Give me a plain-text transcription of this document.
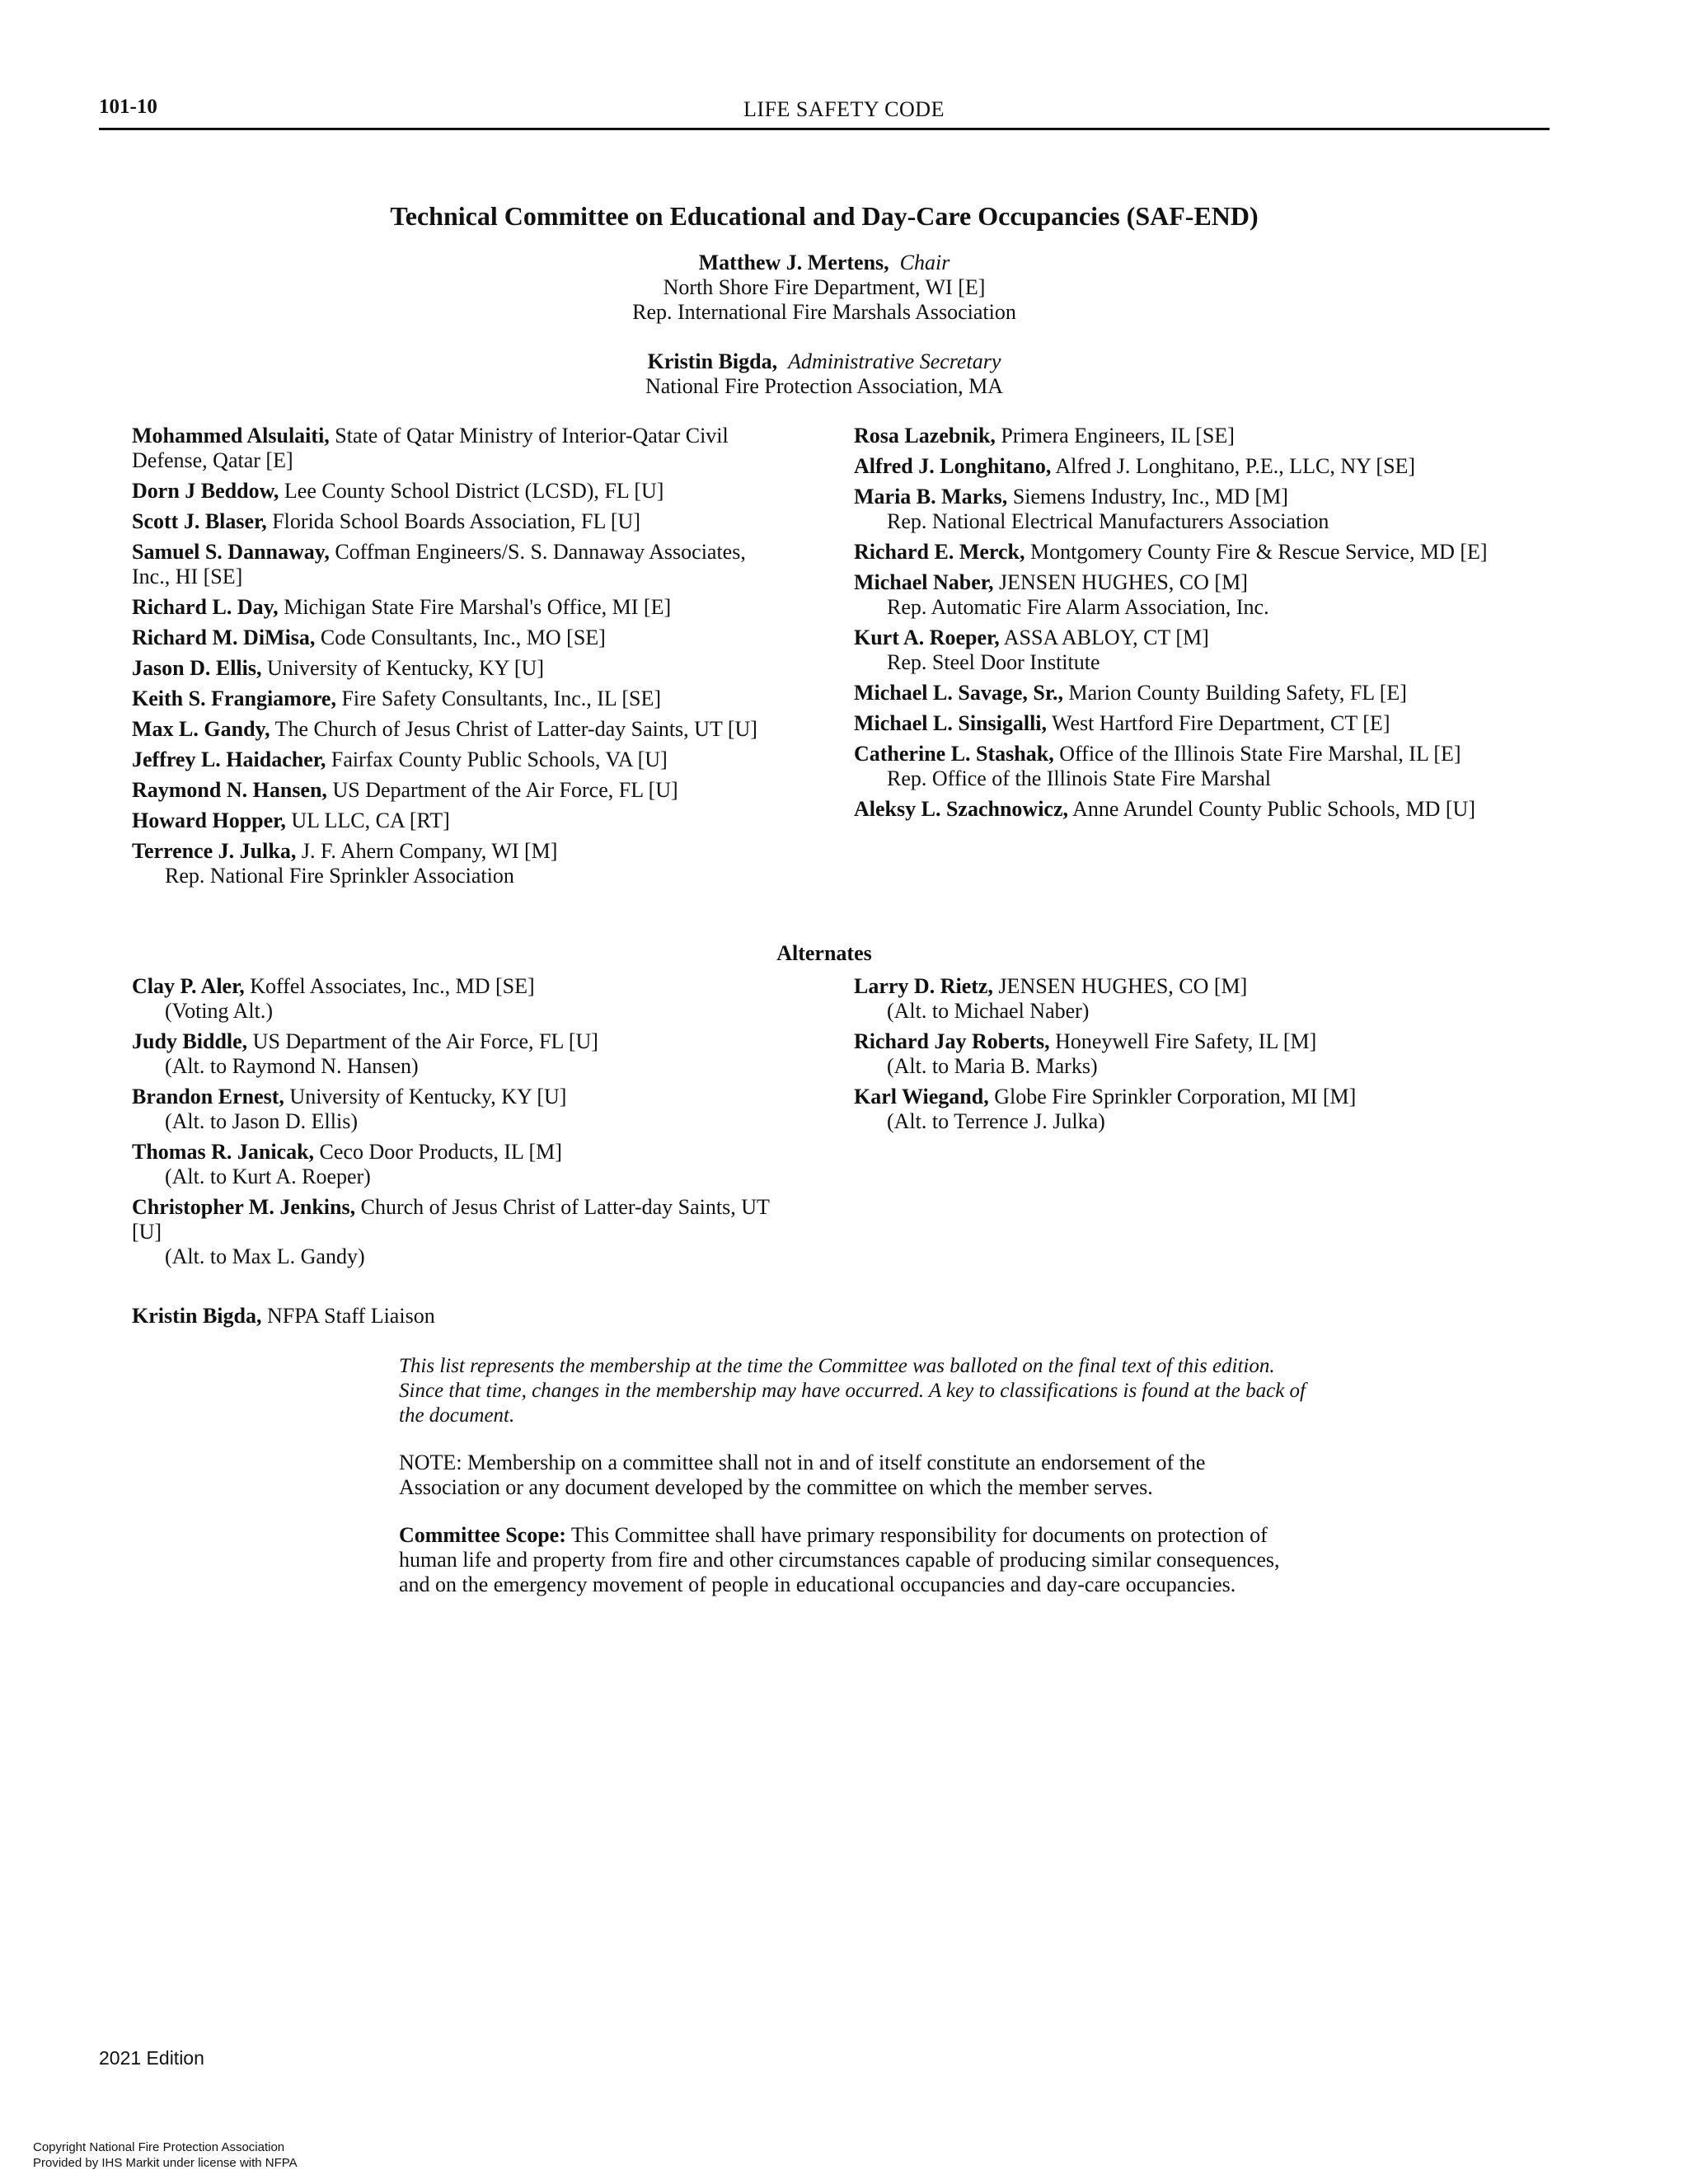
101-10	LIFE SAFETY CODE
Technical Committee on Educational and Day-Care Occupancies (SAF-END)
Matthew J. Mertens, Chair
North Shore Fire Department, WI [E]
Rep. International Fire Marshals Association
Kristin Bigda, Administrative Secretary
National Fire Protection Association, MA
Mohammed Alsulaiti, State of Qatar Ministry of Interior-Qatar Civil Defense, Qatar [E]
Dorn J Beddow, Lee County School District (LCSD), FL [U]
Scott J. Blaser, Florida School Boards Association, FL [U]
Samuel S. Dannaway, Coffman Engineers/S. S. Dannaway Associates, Inc., HI [SE]
Richard L. Day, Michigan State Fire Marshal's Office, MI [E]
Richard M. DiMisa, Code Consultants, Inc., MO [SE]
Jason D. Ellis, University of Kentucky, KY [U]
Keith S. Frangiamore, Fire Safety Consultants, Inc., IL [SE]
Max L. Gandy, The Church of Jesus Christ of Latter-day Saints, UT [U]
Jeffrey L. Haidacher, Fairfax County Public Schools, VA [U]
Raymond N. Hansen, US Department of the Air Force, FL [U]
Howard Hopper, UL LLC, CA [RT]
Terrence J. Julka, J. F. Ahern Company, WI [M]
Rep. National Fire Sprinkler Association
Rosa Lazebnik, Primera Engineers, IL [SE]
Alfred J. Longhitano, Alfred J. Longhitano, P.E., LLC, NY [SE]
Maria B. Marks, Siemens Industry, Inc., MD [M]
Rep. National Electrical Manufacturers Association
Richard E. Merck, Montgomery County Fire & Rescue Service, MD [E]
Michael Naber, JENSEN HUGHES, CO [M]
Rep. Automatic Fire Alarm Association, Inc.
Kurt A. Roeper, ASSA ABLOY, CT [M]
Rep. Steel Door Institute
Michael L. Savage, Sr., Marion County Building Safety, FL [E]
Michael L. Sinsigalli, West Hartford Fire Department, CT [E]
Catherine L. Stashak, Office of the Illinois State Fire Marshal, IL [E]
Rep. Office of the Illinois State Fire Marshal
Aleksy L. Szachnowicz, Anne Arundel County Public Schools, MD [U]
Alternates
Clay P. Aler, Koffel Associates, Inc., MD [SE]
(Voting Alt.)
Judy Biddle, US Department of the Air Force, FL [U]
(Alt. to Raymond N. Hansen)
Brandon Ernest, University of Kentucky, KY [U]
(Alt. to Jason D. Ellis)
Thomas R. Janicak, Ceco Door Products, IL [M]
(Alt. to Kurt A. Roeper)
Christopher M. Jenkins, Church of Jesus Christ of Latter-day Saints, UT [U]
(Alt. to Max L. Gandy)
Larry D. Rietz, JENSEN HUGHES, CO [M]
(Alt. to Michael Naber)
Richard Jay Roberts, Honeywell Fire Safety, IL [M]
(Alt. to Maria B. Marks)
Karl Wiegand, Globe Fire Sprinkler Corporation, MI [M]
(Alt. to Terrence J. Julka)
Kristin Bigda, NFPA Staff Liaison

This list represents the membership at the time the Committee was balloted on the final text of this edition. Since that time, changes in the membership may have occurred. A key to classifications is found at the back of the document.

NOTE: Membership on a committee shall not in and of itself constitute an endorsement of the Association or any document developed by the committee on which the member serves.

Committee Scope: This Committee shall have primary responsibility for documents on protection of human life and property from fire and other circumstances capable of producing similar consequences, and on the emergency movement of people in educational occupancies and day-care occupancies.

2021 Edition
Copyright National Fire Protection Association
Provided by IHS Markit under license with NFPA
